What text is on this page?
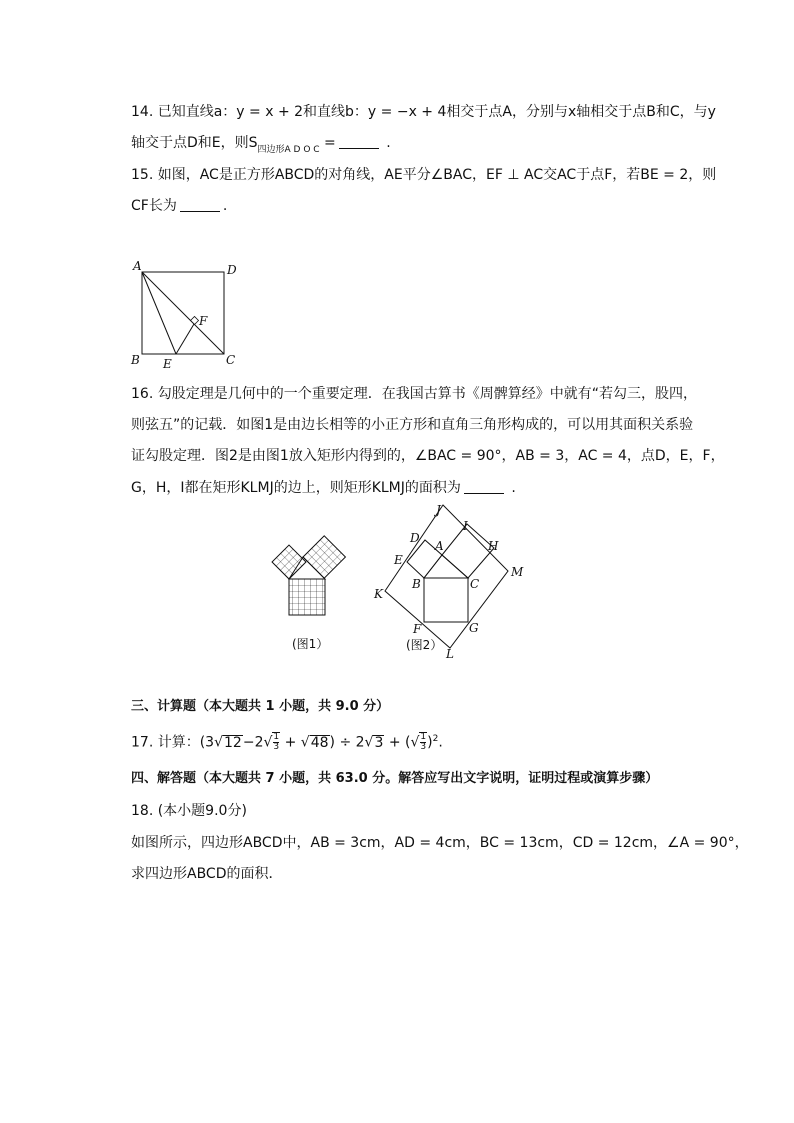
14. 已知直线a：y = x + 2和直线b：y = −x + 4相交于点A，分别与x轴相交于点B和C，与y
轴交于点D和E，则$S_{四边形A D O C}$ =	.
15. 如图，AC是正方形ABCD的对角线，AE平分∠BAC，EF ⊥ AC交AC于点F，若BE = 2，则
CF长为	.
A	D
B	C
E
F
16. 勾股定理是几何中的一个重要定理．在我国古算书《周髀算经》中就有“若勾三，股四，
则弦五”的记载．如图1是由边长相等的小正方形和直角三角形构成的，可以用其面积关系验
证勾股定理．图2是由图1放入矩形内得到的，∠BAC = 90°，AB = 3，AC = 4，点D，E，F，
G，H，I都在矩形KLMJ的边上，则矩形KLMJ的面积为	.
(图1）
J
I
D
A	H
E
M
B	C
K
F	G
L
(图2）
三、计算题（本大题共 1 小题，共 9.0 分）
17. 计算：$(3√12-2√ \frac{1}{3} + √48) \div 2√3$ + (√ $\frac{1}{3} )^2$.
四、解答题（本大题共 7 小题，共 63.0 分。解答应写出文字说明，证明过程或演算步骤）
18. (本小题9.0分)
如图所示，四边形ABCD中，AB = 3cm，AD = 4cm，BC = 13cm，CD = 12cm，∠A = 90°，
求四边形ABCD的面积．
